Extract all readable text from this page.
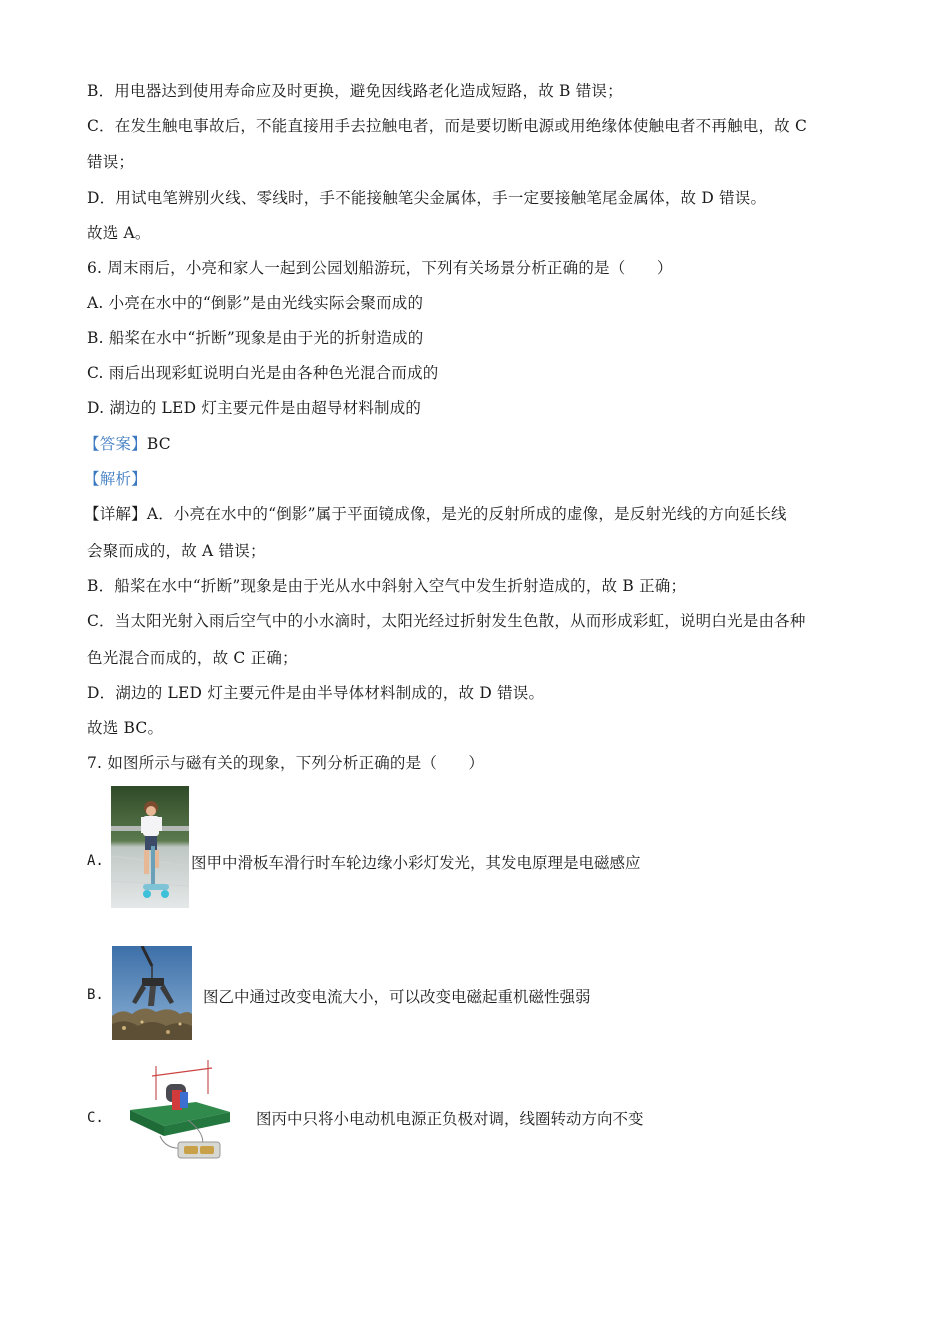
B．用电器达到使用寿命应及时更换，避免因线路老化造成短路，故 B 错误；
C．在发生触电事故后，不能直接用手去拉触电者，而是要切断电源或用绝缘体使触电者不再触电，故 C
错误；
D．用试电笔辨别火线、零线时，手不能接触笔尖金属体，手一定要接触笔尾金属体，故 D 错误。
故选 A。
6. 周末雨后，小亮和家人一起到公园划船游玩，下列有关场景分析正确的是（　　）
A. 小亮在水中的“倒影”是由光线实际会聚而成的
B. 船桨在水中“折断”现象是由于光的折射造成的
C. 雨后出现彩虹说明白光是由各种色光混合而成的
D. 湖边的 LED 灯主要元件是由超导材料制成的
【答案】BC
【解析】
【详解】A．小亮在水中的“倒影”属于平面镜成像，是光的反射所成的虚像，是反射光线的方向延长线
会聚而成的，故 A 错误；
B．船桨在水中“折断”现象是由于光从水中斜射入空气中发生折射造成的，故 B 正确；
C．当太阳光射入雨后空气中的小水滴时，太阳光经过折射发生色散，从而形成彩虹，说明白光是由各种
色光混合而成的，故 C 正确；
D．湖边的 LED 灯主要元件是由半导体材料制成的，故 D 错误。
故选 BC。
7. 如图所示与磁有关的现象，下列分析正确的是（　　）
A.	图甲中滑板车滑行时车轮边缘小彩灯发光，其发电原理是电磁感应
B.	图乙中通过改变电流大小，可以改变电磁起重机磁性强弱
C.	图丙中只将小电动机电源正负极对调，线圈转动方向不变
